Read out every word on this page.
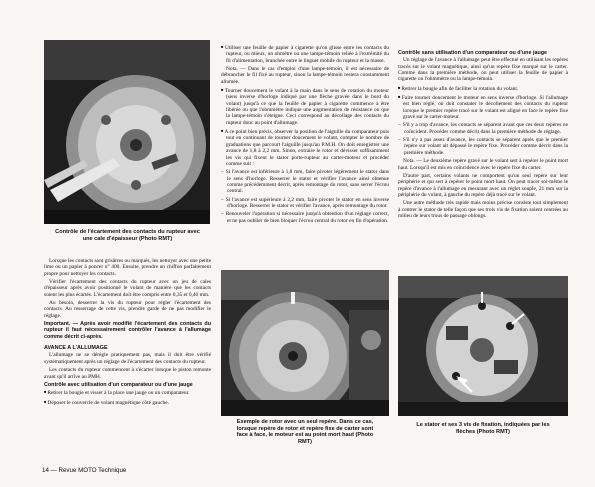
Contrôle de l'écartement des contacts du rupteur avec une cale d'épaisseur (Photo RMT)

Lorsque les contacts sont grisâtres ou marqués, les nettoyer avec une petite lime ou un papier à poncer n° 400. Ensuite, prendre un chiffon parfaitement propre pour nettoyer les contacts.

Vérifier l'écartement des contacts du rupteur avec un jeu de cales d'épaisseur après avoir positionné le volant de manière que les contacts soient les plus écartés. L'écartement doit être compris entre 0,35 et 0,40 mm.

Au besoin, desserrer la vis du rupteur pour régler l'écartement des contacts. Au resserrage de cette vis, prendre garde de ne pas modifier le réglage.

Important. — Après avoir modifié l'écartement des contacts du rupteur il faut nécessairement contrôler l'avance à l'allumage comme décrit ci-après.

AVANCE A L'ALLUMAGE

L'allumage ne se dérègle pratiquement pas, mais il doit être vérifié systématiquement après un réglage de l'écartement des contacts du rupteur.

Les contacts du rupteur commencent à s'écarter lorsque le piston remonte avant qu'il arrive au PMH.

Contrôle avec utilisation d'un comparateur ou d'une jauge

■ Retirer la bougie et visser à la place une jauge ou un comparateur.

■ Déposer le couvercle de volant magnétique côté gauche.

■ Utiliser une feuille de papier à cigarette qu'on glisse entre les contacts du rupteur, ou mieux, un ohmètre ou une lampe-témoin reliée à l'extrémité du fil d'alimentation, branchée entre le linguet mobile du rupteur et la masse.

Nota. — Dans le cas d'emploi d'une lampe-témoin, il est nécessaire de débrancher le fil fixé au rupteur, sinon la lampe-témoin restera constamment allumée.

■ Tourner doucement le volant à la main dans le sens de rotation du moteur (sens inverse d'horloge indiqué par une flèche gravée dans le bord du volant) jusqu'à ce que la feuille de papier à cigarette commence à être libérée ou que l'ohmmètre indique une augmentation de résistance ou que la lampe-témoin s'éteigne. Ceci correspond au décollage des contacts du rupteur donc au point d'allumage.

■ A ce point bien précis, observer la position de l'aiguille du comparateur puis tout en continuant de tourner doucement le volant, compter le nombre de graduations que parcourt l'aiguille jusqu'au P.M.H. On doit enregistrer une avance de 1,8 à 2,2 mm. Sinon, extraire le rotor et dévisser suffisamment les vis qui fixent le stator porte-rupteur au carter-moteur et procéder comme suit :

– Si l'avance est inférieure à 1,8 mm, faire pivoter légèrement le stator dans le sens d'horloge. Resserrer le stator et vérifier l'avance ainsi obtenue comme précédemment décrit, après remontage du rotor, sans serrer l'écrou central.

– Si l'avance est supérieure à 2,2 mm, faire pivoter le stator en sens inverse d'horloge. Resserrer le stator et vérifier l'avance, après remontage du rotor.

– Renouveler l'opération si nécessaire jusqu'à obtention d'un réglage correct, et ne pas oublier de bien bloquer l'écrou central du rotor en fin d'opération.

Exemple de rotor avec un seul repère. Dans ce cas, lorsque repère de rotor et repère fixe de carter sont face à face, le moteur est au point mort haut (Photo RMT)

Contrôle sans utilisation d'un comparateur ou d'une jauge

Un réglage de l'avance à l'allumage peut être effectué en utilisant les repères tracés sur le volant magnétique, ainsi qu'un repère fixe marqué sur le carter. Comme dans la première méthode, on peut utiliser la feuille de papier à cigarette ou l'ohmmètre ou la lampe-témoin.

■ Retirer la bougie afin de faciliter la rotation du volant.

■ Faire tourner doucement le moteur en sens inverse d'horloge. Si l'allumage est bien réglé, on doit constater le décollement des contacts du rupteur lorsque le premier repère tracé sur le volant est aligné en face le repère fixe gravé sur le carter-moteur.

– S'il y a trop d'avance, les contacts se séparent avant que ces deux repères ne coïncident. Procéder comme décrit dans la première méthode de réglage.

– S'il n'y a pas assez d'avance, les contacts se séparent après que le premier repère sur volant ait dépassé le repère fixe. Procéder comme décrit dans la première méthode.

Nota. — Le deuxième repère gravé sur le volant sert à repérer le point mort haut. Lorsqu'il est mis en coïncidence avec le repère fixe du carter.

D'autre part, certains volants ne comportent qu'un seul repère sur leur périphérie et qui sert à repérer le point mort haut. On peut tracer soi-même le repère d'avance à l'allumage en mesurant avec un réglet souple, 21 mm sur la périphérie du volant, à gauche du repère déjà tracé sur le volant.

Une autre méthode très rapide mais moins précise consiste tout simplement à centrer le stator de telle façon que ses trois vis de fixation soient centrées au milieu de leurs trous de passage oblongs.

Le stator et ses 3 vis de fixation, indiquées par les flèches (Photo RMT)
14 — Revue MOTO Technique
